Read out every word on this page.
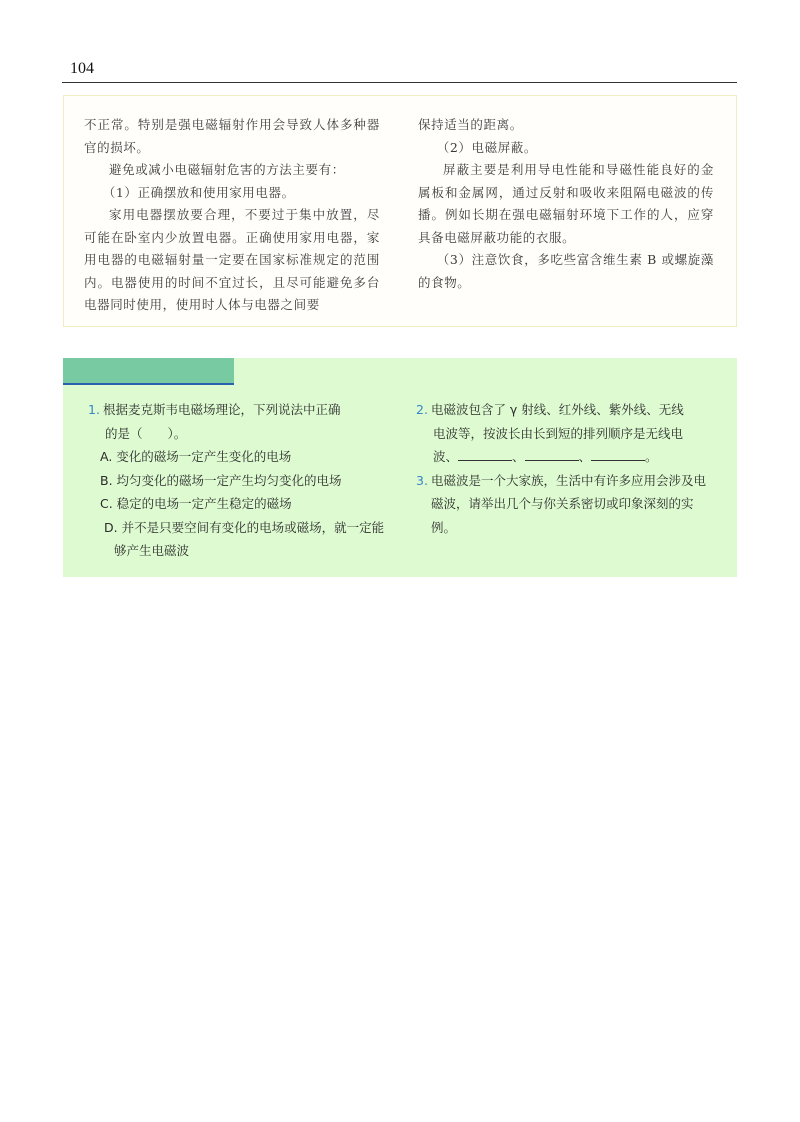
104

不正常。特别是强电磁辐射作用会导致人体多种器官的损坏。

避免或减小电磁辐射危害的方法主要有：

（1）正确摆放和使用家用电器。

家用电器摆放要合理，不要过于集中放置，尽可能在卧室内少放置电器。正确使用家用电器，家用电器的电磁辐射量一定要在国家标准规定的范围内。电器使用的时间不宜过长，且尽可能避免多台电器同时使用，使用时人体与电器之间要

保持适当的距离。

（2）电磁屏蔽。

屏蔽主要是利用导电性能和导磁性能良好的金属板和金属网，通过反射和吸收来阻隔电磁波的传播。例如长期在强电磁辐射环境下工作的人，应穿具备电磁屏蔽功能的衣服。

（3）注意饮食，多吃些富含维生素 B 或螺旋藻的食物。

1. 根据麦克斯韦电磁场理论，下列说法中正确
的是（　　）。

A. 变化的磁场一定产生变化的电场

B. 均匀变化的磁场一定产生均匀变化的电场

C. 稳定的电场一定产生稳定的磁场

D. 并不是只要空间有变化的电场或磁场，就一定能够产生电磁波

2. 电磁波包含了 γ 射线、红外线、紫外线、无线
电波等，按波长由长到短的排列顺序是无线电
波、	、	、	。
3. 电磁波是一个大家族，生活中有许多应用会涉及电磁波，请举出几个与你关系密切或印象深刻的实例。
